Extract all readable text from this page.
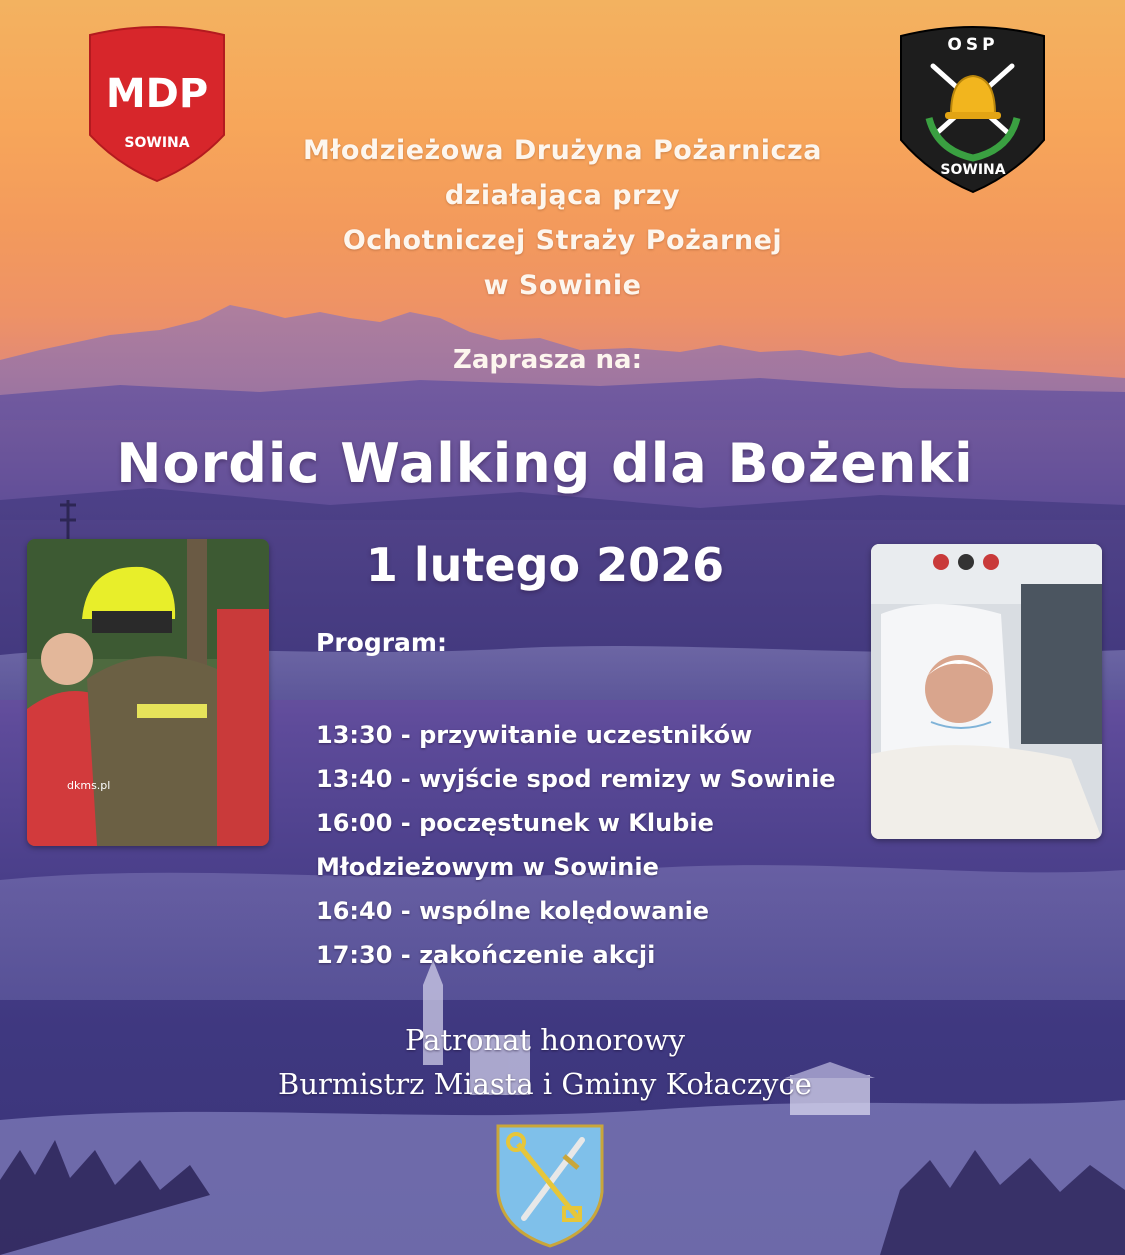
MDP
SOWINA
OSP
SOWINA
Młodzieżowa Drużyna Pożarnicza
działająca przy
Ochotniczej Straży Pożarnej
w Sowinie
Zaprasza na:
Nordic Walking dla Bożenki
1 lutego 2026
dkms.pl
Program:
13:30 - przywitanie uczestników
13:40 - wyjście spod remizy w Sowinie
16:00 - poczęstunek w Klubie
Młodzieżowym w Sowinie
16:40 - wspólne kolędowanie
17:30 - zakończenie akcji
Patronat honorowy
Burmistrz Miasta i Gminy Kołaczyce
